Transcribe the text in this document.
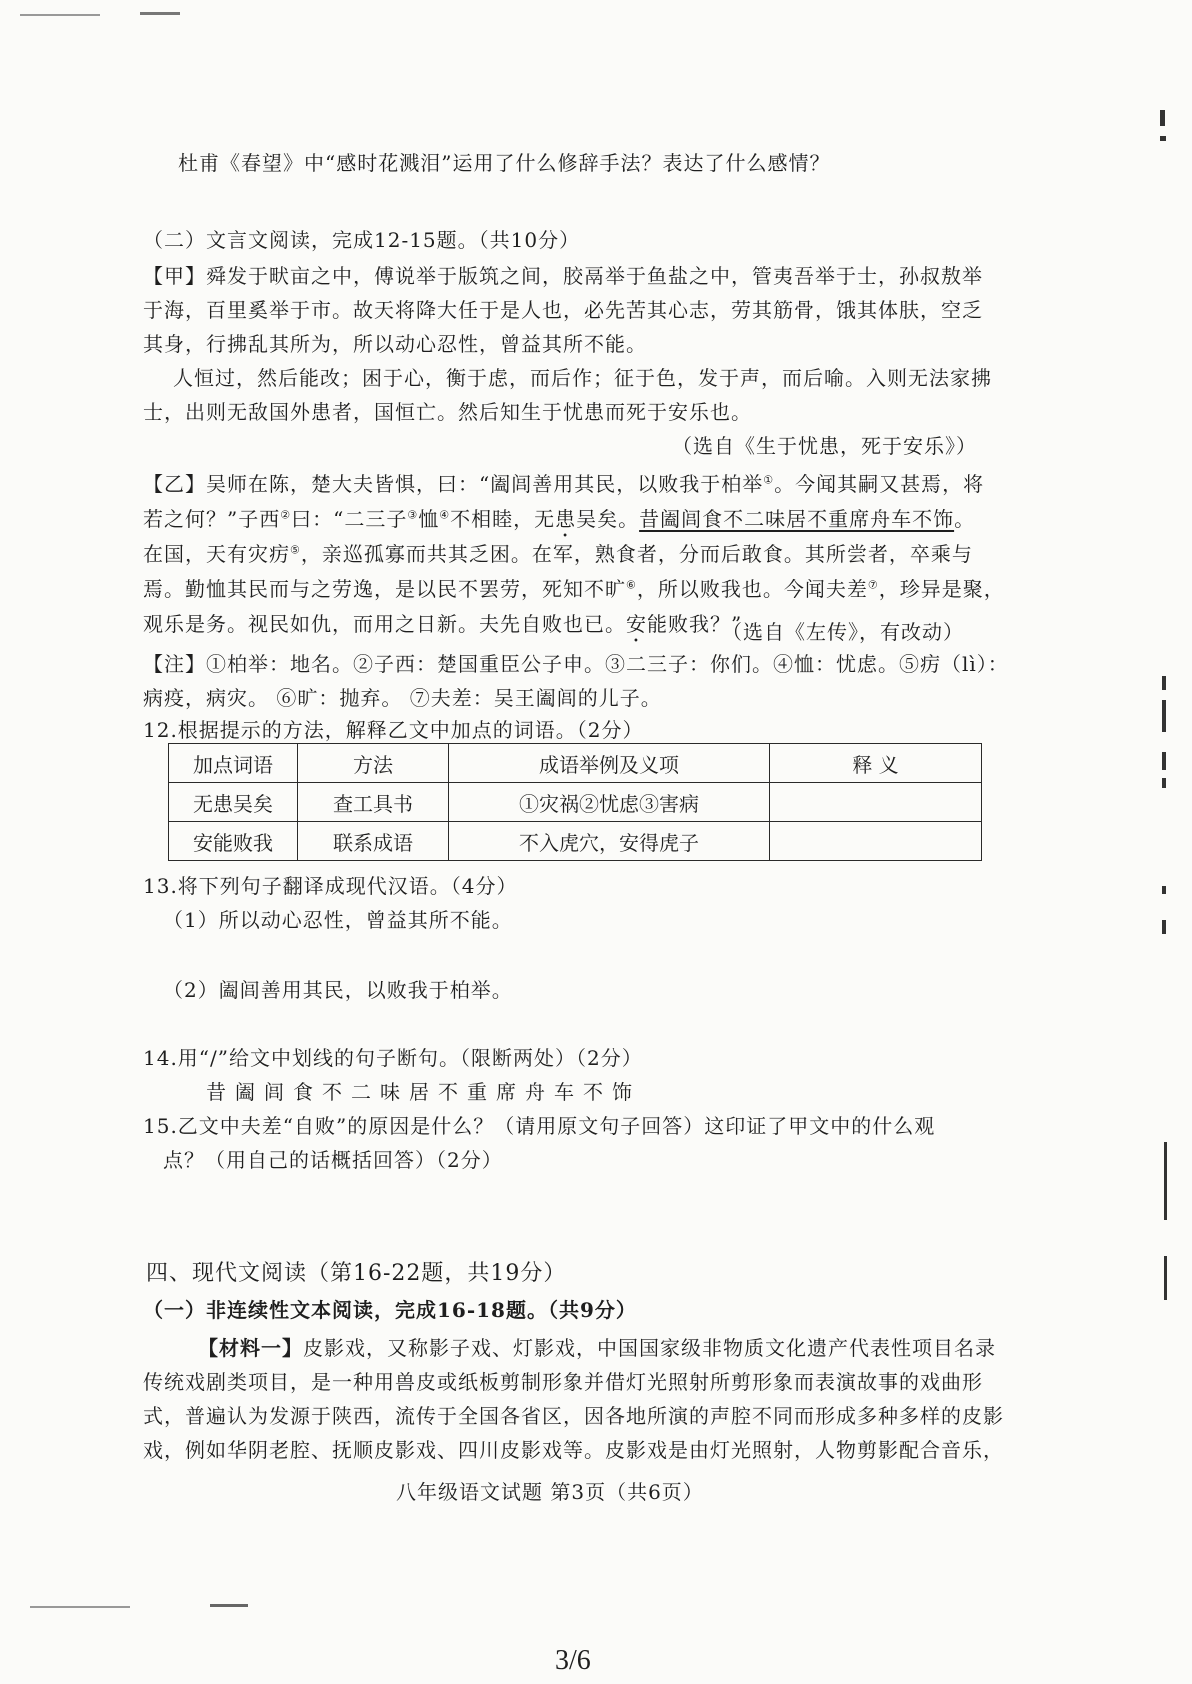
杜甫《春望》中“感时花溅泪”运用了什么修辞手法？表达了什么感情？
（二）文言文阅读，完成12-15题。（共10分）
【甲】舜发于畎亩之中，傅说举于版筑之间，胶鬲举于鱼盐之中，管夷吾举于士，孙叔敖举
于海，百里奚举于市。故天将降大任于是人也，必先苦其心志，劳其筋骨，饿其体肤，空乏
其身，行拂乱其所为，所以动心忍性，曾益其所不能。
人恒过，然后能改；困于心，衡于虑，而后作；征于色，发于声，而后喻。入则无法家拂
士，出则无敌国外患者，国恒亡。然后知生于忧患而死于安乐也。
（选自《生于忧患，死于安乐》）
【乙】吴师在陈，楚大夫皆惧，曰：“阖闾善用其民，以败我于柏举①。今闻其嗣又甚焉，将
若之何？”子西②曰：“二三子③恤④不相睦，无患吴矣。昔阖闾食不二味居不重席舟车不饰。
在国，天有灾疠⑤，亲巡孤寡而共其乏困。在军，熟食者，分而后敢食。其所尝者，卒乘与
焉。勤恤其民而与之劳逸，是以民不罢劳，死知不旷⑥，所以败我也。今闻夫差⑦，珍异是聚，
观乐是务。视民如仇，而用之日新。夫先自败也已。安能败我？”
（选自《左传》，有改动）
【注】①柏举：地名。②子西：楚国重臣公子申。③二三子：你们。④恤：忧虑。⑤疠（lì）：
病疫，病灾。 ⑥旷：抛弃。 ⑦夫差：吴王阖闾的儿子。
12.根据提示的方法，解释乙文中加点的词语。（2分）
加点词语	方法	成语举例及义项	释 义
无患吴矣	查工具书	①灾祸②忧虑③害病	
安能败我	联系成语	不入虎穴，安得虎子	
13.将下列句子翻译成现代汉语。（4分）
（1）所以动心忍性，曾益其所不能。
（2）阖闾善用其民，以败我于柏举。
14.用“/”给文中划线的句子断句。（限断两处）（2分）
昔阖闾食不二味居不重席舟车不饰
15.乙文中夫差“自败”的原因是什么？（请用原文句子回答）这印证了甲文中的什么观
点？（用自己的话概括回答）（2分）
四、现代文阅读（第16-22题，共19分）
（一）非连续性文本阅读，完成16-18题。（共9分）
【材料一】皮影戏，又称影子戏、灯影戏，中国国家级非物质文化遗产代表性项目名录
传统戏剧类项目，是一种用兽皮或纸板剪制形象并借灯光照射所剪形象而表演故事的戏曲形
式，普遍认为发源于陕西，流传于全国各省区，因各地所演的声腔不同而形成多种多样的皮影
戏，例如华阴老腔、抚顺皮影戏、四川皮影戏等。皮影戏是由灯光照射，人物剪影配合音乐，
八年级语文试题 第3页（共6页）
3/6
